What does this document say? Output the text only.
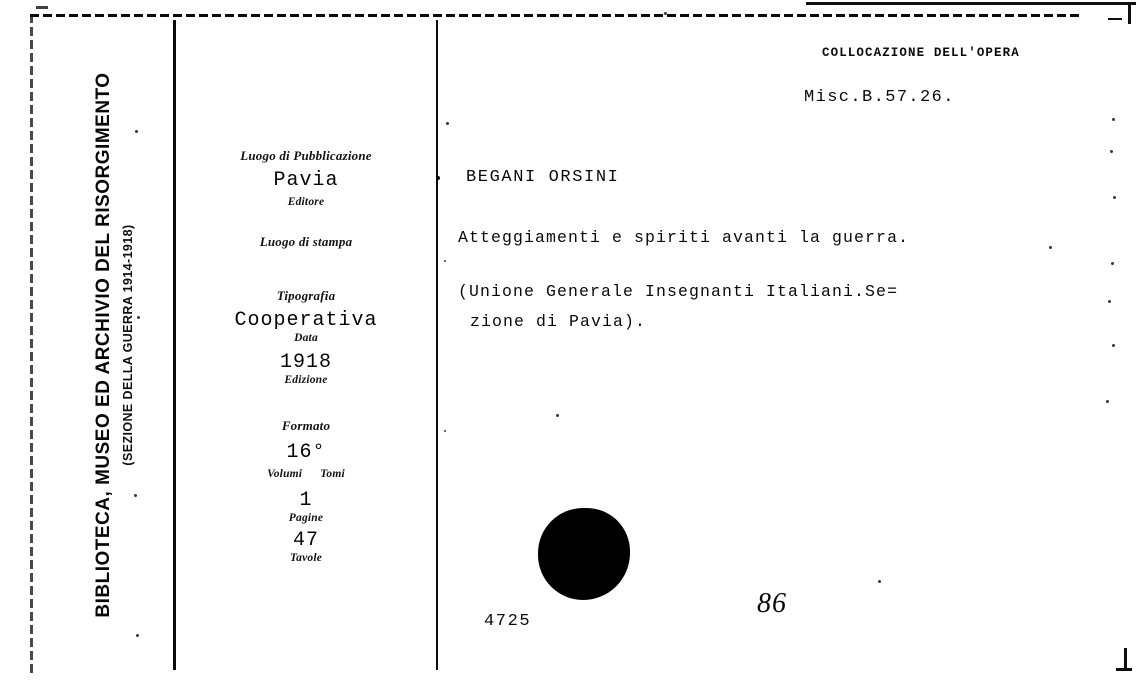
BIBLIOTECA, MUSEO ED ARCHIVIO DEL RISORGIMENTO (SEZIONE DELLA GUERRA 1914-1918)
Luogo di Pubblicazione
Pavia
Editore
Luogo di stampa
Tipografia
Cooperativa
Data
1918
Edizione
Formato
16°
Volumi Tomi
1
Pagine
47
Tavole
COLLOCAZIONE DELL'OPERA
Misc.B.57.26.
BEGANI ORSINI
Atteggiamenti e spiriti avanti la guerra.
(Unione Generale Insegnanti Italiani.Se=
zione di Pavia).
4725
86
